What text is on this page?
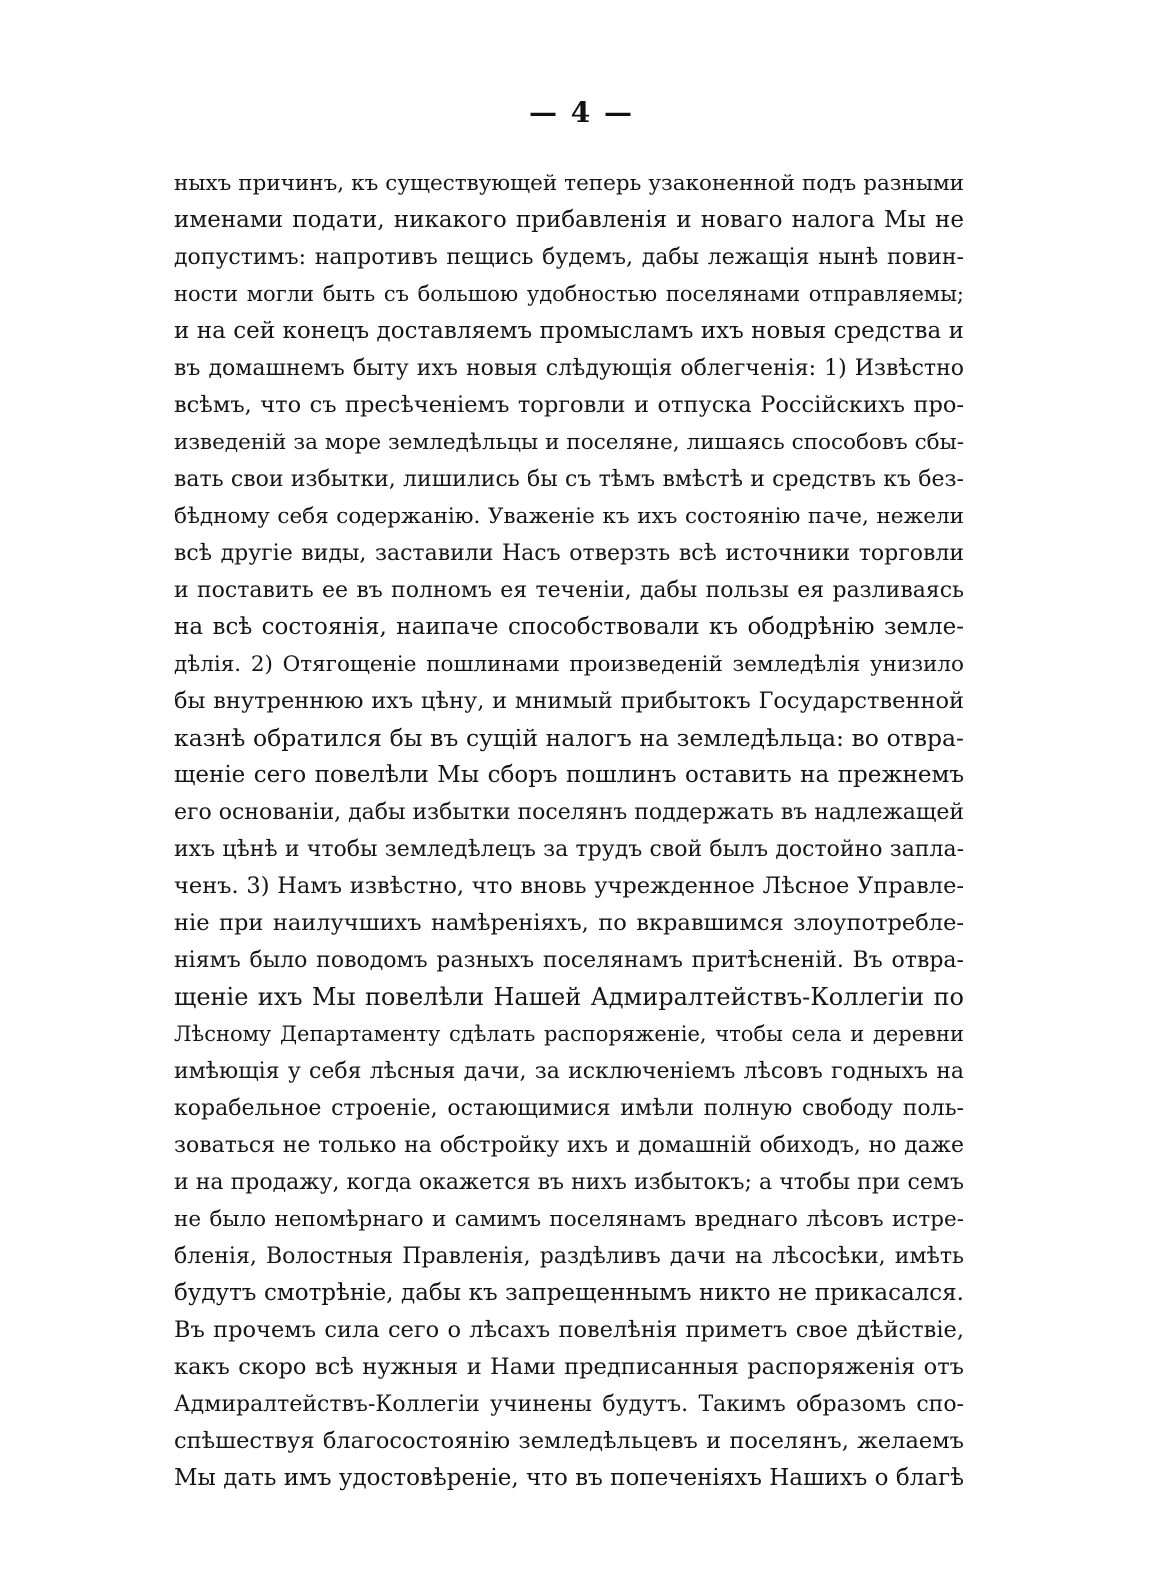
— 4 —
ныхъ причинъ, къ существующей теперь узаконенной подъ разными
именами подати, никакого прибавленія и новаго налога Мы не
допустимъ: напротивъ пещись будемъ, дабы лежащія нынѣ повин-
ности могли быть съ большою удобностью поселянами отправляемы;
и на сей конецъ доставляемъ промысламъ ихъ новыя средства и
въ домашнемъ быту ихъ новыя слѣдующія облегченія: 1) Извѣстно
всѣмъ, что съ пресѣченіемъ торговли и отпуска Россійскихъ про-
изведеній за море земледѣльцы и поселяне, лишаясь способовъ сбы-
вать свои избытки, лишились бы съ тѣмъ вмѣстѣ и средствъ къ без-
бѣдному себя содержанію. Уваженіе къ ихъ состоянію паче, нежели
всѣ другіе виды, заставили Насъ отверзть всѣ источники торговли
и поставить ее въ полномъ ея теченіи, дабы пользы ея разливаясь
на всѣ состоянія, наипаче способствовали къ ободрѣнію земле-
дѣлія. 2) Отягощеніе пошлинами произведеній земледѣлія унизило
бы внутреннюю ихъ цѣну, и мнимый прибытокъ Государственной
казнѣ обратился бы въ сущій налогъ на земледѣльца: во отвра-
щеніе сего повелѣли Мы сборъ пошлинъ оставить на прежнемъ
его основаніи, дабы избытки поселянъ поддержать въ надлежащей
ихъ цѣнѣ и чтобы земледѣлецъ за трудъ свой былъ достойно запла-
ченъ. 3) Намъ извѣстно, что вновь учрежденное Лѣсное Управле-
ніе при наилучшихъ намѣреніяхъ, по вкравшимся злоупотребле-
ніямъ было поводомъ разныхъ поселянамъ притѣсненій. Въ отвра-
щеніе ихъ Мы повелѣли Нашей Адмиралтействъ-Коллегіи по
Лѣсному Департаменту сдѣлать распоряженіе, чтобы села и деревни
имѣющія у себя лѣсныя дачи, за исключеніемъ лѣсовъ годныхъ на
корабельное строеніе, остающимися имѣли полную свободу поль-
зоваться не только на обстройку ихъ и домашній обиходъ, но даже
и на продажу, когда окажется въ нихъ избытокъ; а чтобы при семъ
не было непомѣрнаго и самимъ поселянамъ вреднаго лѣсовъ истре-
бленія, Волостныя Правленія, раздѣливъ дачи на лѣсосѣки, имѣть
будутъ смотрѣніе, дабы къ запрещеннымъ никто не прикасался.
Въ прочемъ сила сего о лѣсахъ повелѣнія приметъ свое дѣйствіе,
какъ скоро всѣ нужныя и Нами предписанныя распоряженія отъ
Адмиралтействъ-Коллегіи учинены будутъ. Такимъ образомъ спо-
спѣшествуя благосостоянію земледѣльцевъ и поселянъ, желаемъ
Мы дать имъ удостовѣреніе, что въ попеченіяхъ Нашихъ о благѣ
